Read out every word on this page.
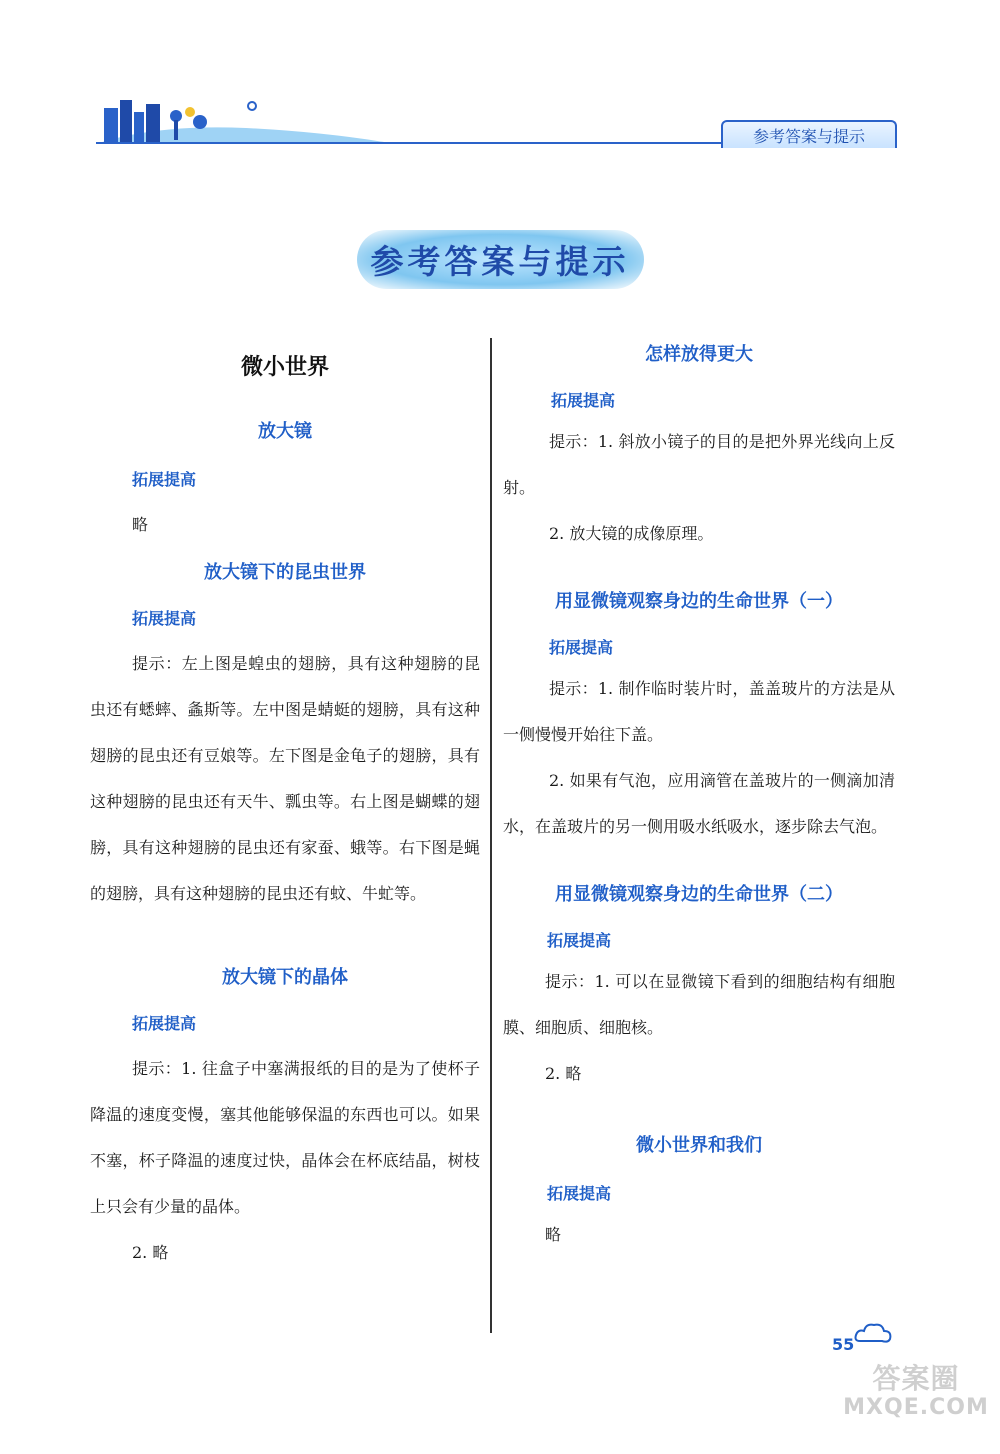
参考答案与提示
参考答案与提示

微小世界

放大镜

拓展提高

略

放大镜下的昆虫世界

拓展提高

提示：左上图是蝗虫的翅膀，具有这种翅膀的昆虫还有蟋蟀、螽斯等。左中图是蜻蜓的翅膀，具有这种翅膀的昆虫还有豆娘等。左下图是金龟子的翅膀，具有这种翅膀的昆虫还有天牛、瓢虫等。右上图是蝴蝶的翅膀，具有这种翅膀的昆虫还有家蚕、蛾等。右下图是蝇的翅膀，具有这种翅膀的昆虫还有蚊、牛虻等。

放大镜下的晶体

拓展提高

提示：1. 往盒子中塞满报纸的目的是为了使杯子降温的速度变慢，塞其他能够保温的东西也可以。如果不塞，杯子降温的速度过快，晶体会在杯底结晶，树枝上只会有少量的晶体。

2. 略

怎样放得更大

拓展提高

提示：1. 斜放小镜子的目的是把外界光线向上反射。

2. 放大镜的成像原理。

用显微镜观察身边的生命世界（一）

拓展提高

提示：1. 制作临时装片时，盖盖玻片的方法是从一侧慢慢开始往下盖。

2. 如果有气泡，应用滴管在盖玻片的一侧滴加清水，在盖玻片的另一侧用吸水纸吸水，逐步除去气泡。

用显微镜观察身边的生命世界（二）

拓展提高

提示：1. 可以在显微镜下看到的细胞结构有细胞膜、细胞质、细胞核。

2. 略

微小世界和我们

拓展提高

略

55
答案圈
MXQE.COM
